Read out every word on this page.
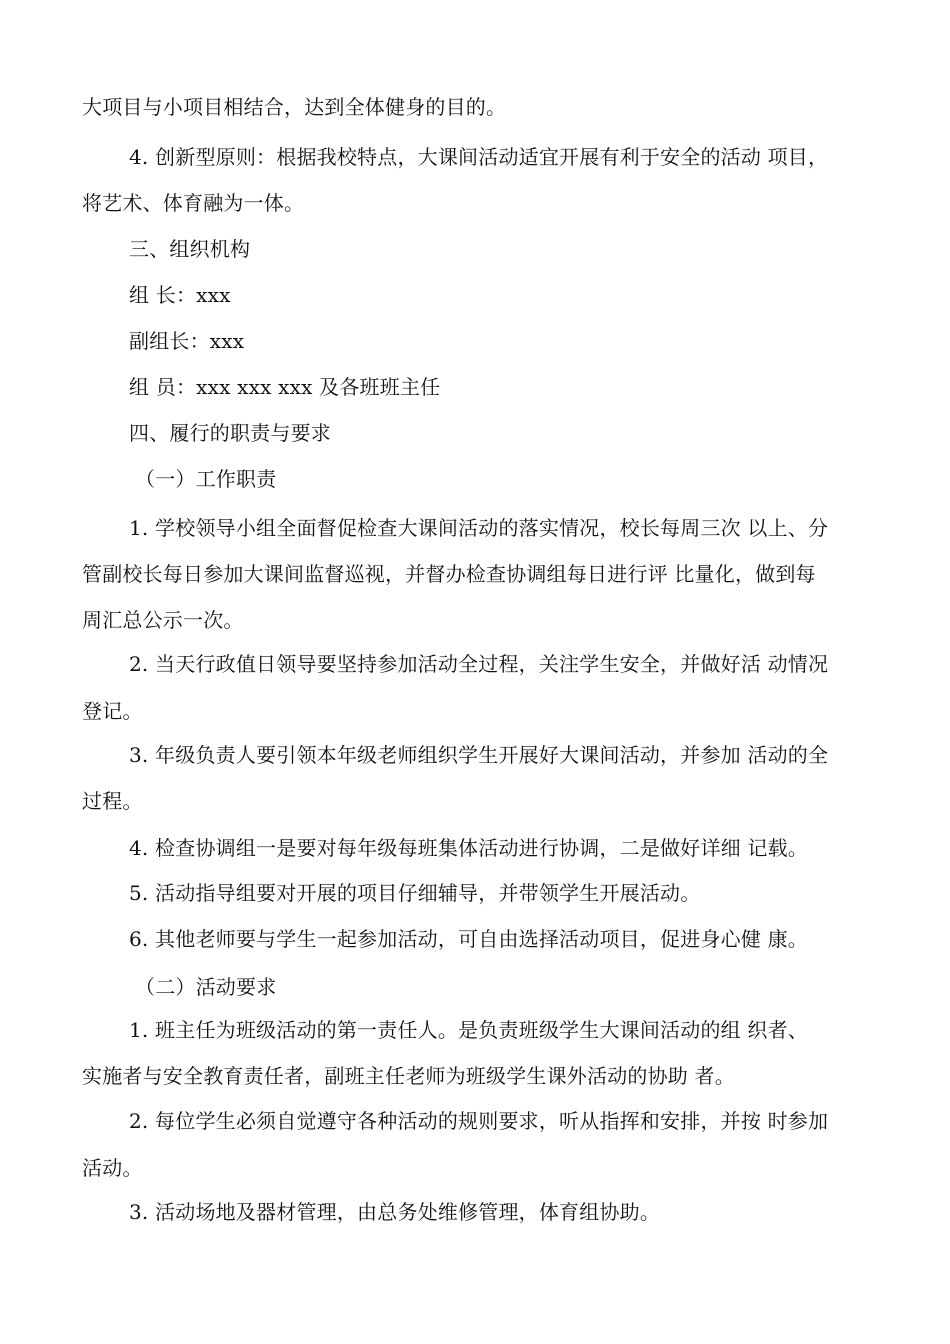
大项目与小项目相结合，达到全体健身的目的。
4. 创新型原则：根据我校特点，大课间活动适宜开展有利于安全的活动 项目，
将艺术、体育融为一体。
三、组织机构
组 长：xxx
副组长：xxx
组 员：xxx xxx xxx 及各班班主任
四、履行的职责与要求
（一）工作职责
1. 学校领导小组全面督促检查大课间活动的落实情况，校长每周三次 以上、分
管副校长每日参加大课间监督巡视，并督办检查协调组每日进行评 比量化，做到每
周汇总公示一次。
2. 当天行政值日领导要坚持参加活动全过程，关注学生安全，并做好活 动情况
登记。
3. 年级负责人要引领本年级老师组织学生开展好大课间活动，并参加 活动的全
过程。
4. 检查协调组一是要对每年级每班集体活动进行协调，二是做好详细 记载。
5. 活动指导组要对开展的项目仔细辅导，并带领学生开展活动。
6. 其他老师要与学生一起参加活动，可自由选择活动项目，促进身心健 康。
（二）活动要求
1. 班主任为班级活动的第一责任人。是负责班级学生大课间活动的组 织者、
实施者与安全教育责任者，副班主任老师为班级学生课外活动的协助 者。
2. 每位学生必须自觉遵守各种活动的规则要求，听从指挥和安排，并按 时参加
活动。
3. 活动场地及器材管理，由总务处维修管理，体育组协助。
